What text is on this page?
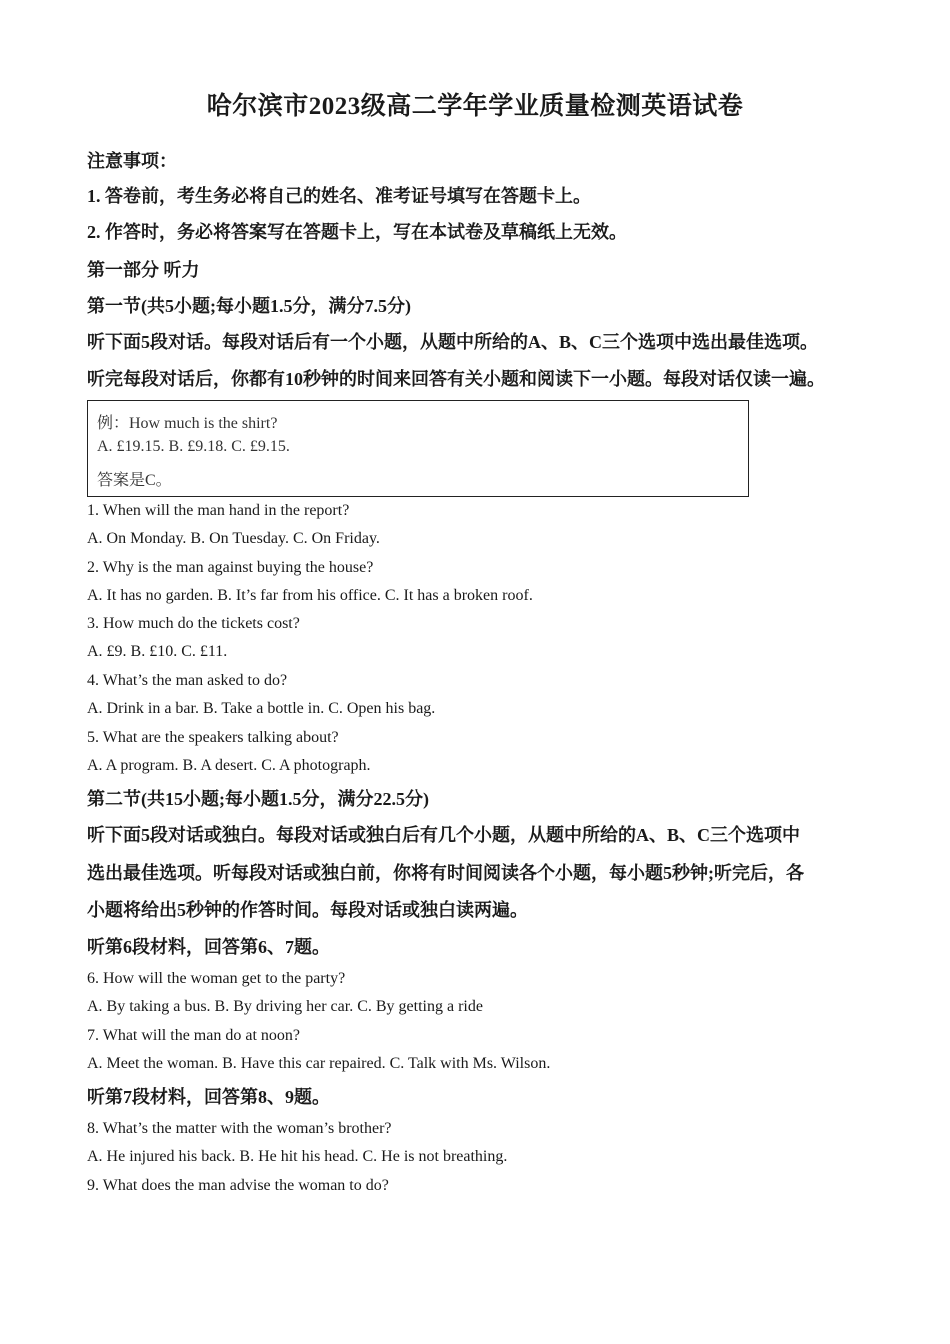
哈尔滨市2023级高二学年学业质量检测英语试卷
注意事项：
1. 答卷前，考生务必将自己的姓名、准考证号填写在答题卡上。
2. 作答时，务必将答案写在答题卡上，写在本试卷及草稿纸上无效。
第一部分 听力
第一节(共5小题;每小题1.5分，满分7.5分)
听下面5段对话。每段对话后有一个小题，从题中所给的A、B、C三个选项中选出最佳选项。
听完每段对话后，你都有10秒钟的时间来回答有关小题和阅读下一小题。每段对话仅读一遍。
例：How much is the shirt?
A. £19.15. B. £9.18. C. £9.15.
答案是C。
1. When will the man hand in the report?
A. On Monday. B. On Tuesday. C. On Friday.
2. Why is the man against buying the house?
A. It has no garden. B. It’s far from his office. C. It has a broken roof.
3. How much do the tickets cost?
A. £9. B. £10. C. £11.
4. What’s the man asked to do?
A. Drink in a bar. B. Take a bottle in. C. Open his bag.
5. What are the speakers talking about?
A. A program. B. A desert. C. A photograph.
第二节(共15小题;每小题1.5分，满分22.5分)
听下面5段对话或独白。每段对话或独白后有几个小题，从题中所给的A、B、C三个选项中
选出最佳选项。听每段对话或独白前，你将有时间阅读各个小题，每小题5秒钟;听完后，各
小题将给出5秒钟的作答时间。每段对话或独白读两遍。
听第6段材料，回答第6、7题。
6. How will the woman get to the party?
A. By taking a bus. B. By driving her car. C. By getting a ride
7. What will the man do at noon?
A. Meet the woman. B. Have this car repaired. C. Talk with Ms. Wilson.
听第7段材料，回答第8、9题。
8. What’s the matter with the woman’s brother?
A. He injured his back. B. He hit his head. C. He is not breathing.
9. What does the man advise the woman to do?
